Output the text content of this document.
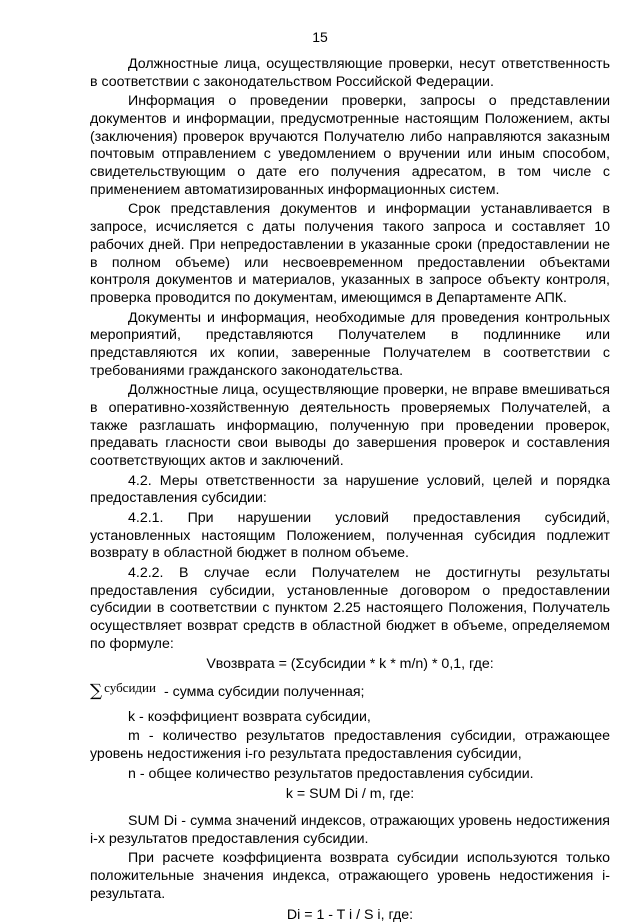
15

Должностные лица, осуществляющие проверки, несут ответственность в соответствии с законодательством Российской Федерации.

Информация о проведении проверки, запросы о представлении документов и информации, предусмотренные настоящим Положением, акты (заключения) проверок вручаются Получателю либо направляются заказным почтовым отправлением с уведомлением о вручении или иным способом, свидетельствующим о дате его получения адресатом, в том числе с применением автоматизированных информационных систем.

Срок представления документов и информации устанавливается в запросе, исчисляется с даты получения такого запроса и составляет 10 рабочих дней. При непредоставлении в указанные сроки (предоставлении не в полном объеме) или несвоевременном предоставлении объектами контроля документов и материалов, указанных в запросе объекту контроля, проверка проводится по документам, имеющимся в Департаменте АПК.

Документы и информация, необходимые для проведения контрольных мероприятий, представляются Получателем в подлиннике или представляются их копии, заверенные Получателем в соответствии с требованиями гражданского законодательства.

Должностные лица, осуществляющие проверки, не вправе вмешиваться в оперативно-хозяйственную деятельность проверяемых Получателей, а также разглашать информацию, полученную при проведении проверок, предавать гласности свои выводы до завершения проверок и составления соответствующих актов и заключений.

4.2. Меры ответственности за нарушение условий, целей и порядка предоставления субсидии:

4.2.1. При нарушении условий предоставления субсидий, установленных настоящим Положением, полученная субсидия подлежит возврату в областной бюджет в полном объеме.

4.2.2. В случае если Получателем не достигнуты результаты предоставления субсидии, установленные договором о предоставлении субсидии в соответствии с пунктом 2.25 настоящего Положения, Получатель осуществляет возврат средств в областной бюджет в объеме, определяемом по формуле:

Vвозврата = (Σсубсидии * k * m/n) * 0,1, где:

∑ субсидии - сумма субсидии полученная;

k - коэффициент возврата субсидии,

m - количество результатов предоставления субсидии, отражающее уровень недостижения i-го результата предоставления субсидии,

n - общее количество результатов предоставления субсидии.

k = SUM Di / m, где:

SUM Di - сумма значений индексов, отражающих уровень недостижения i-х результатов предоставления субсидии.

При расчете коэффициента возврата субсидии используются только положительные значения индекса, отражающего уровень недостижения i-результата.

Di = 1 - T i / S i, где:
